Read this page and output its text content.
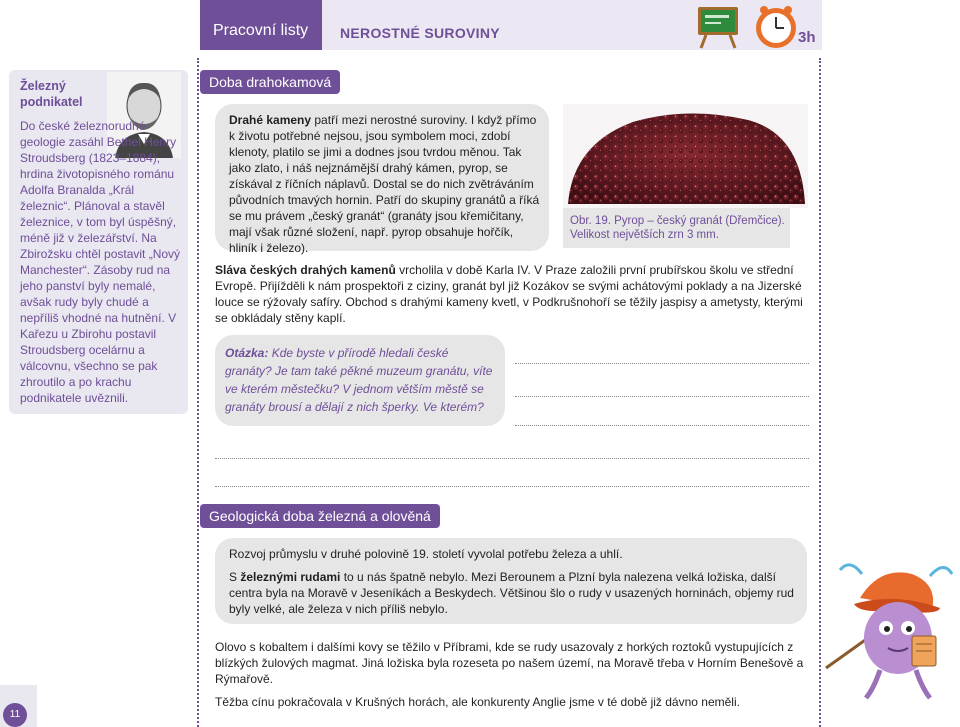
Pracovní listy NEROSTNÉ SUROVINY	3h
Železný podnikatel
Do české železnorudné geologie zasáhl Bethel Henry Stroudsberg (1823–1884), hrdina životopisného románu Adolfa Branalda „Král železnic“. Plánoval a stavěl železnice, v tom byl úspěšný, méně již v železářství. Na Zbirožsku chtěl postavit „Nový Manchester“. Zásoby rud na jeho panství byly nemalé, avšak rudy byly chudé a nepříliš vhodné na hutnění. V Kařezu u Zbirohu postavil Stroudsberg ocelárnu a válcovnu, všechno se pak zhroutilo a po krachu podnikatele uvěznili.
Doba drahokamová
Drahé kameny patří mezi nerostné suroviny. I když přímo k životu potřebné nejsou, jsou symbolem moci, zdobí klenoty, platilo se jimi a dodnes jsou tvrdou měnou. Tak jako zlato, i náš nejznámější drahý kámen, pyrop, se získával z říčních náplavů. Dostal se do nich zvětráváním původních tmavých hornin. Patří do skupiny granátů a říká se mu právem „český granát“ (granáty jsou křemičitany, mají však různé složení, např. pyrop obsahuje hořčík, hliník i železo).
Obr. 19. Pyrop – český granát (Dřemčice). Velikost největších zrn 3 mm.
Sláva českých drahých kamenů vrcholila v době Karla IV. V Praze založili první prubířskou školu ve střední Evropě. Přijížděli k nám prospektoři z ciziny, granát byl již Kozákov se svými achátovými poklady a na Jizerské louce se rýžovaly safíry. Obchod s drahými kameny kvetl, v Podkrušnohoří se těžily jaspisy a ametysty, kterými se obkládaly stěny kaplí.
Otázka: Kde byste v přírodě hledali české granáty? Je tam také pěkné muzeum granátu, víte ve kterém městečku? V jednom větším městě se granáty brousí a dělají z nich šperky. Ve kterém?
Geologická doba železná a olověná
Rozvoj průmyslu v druhé polovině 19. století vyvolal potřebu železa a uhlí.
S železnými rudami to u nás špatně nebylo. Mezi Berounem a Plzní byla nalezena velká ložiska, další centra byla na Moravě v Jeseníkách a Beskydech. Většinou šlo o rudy v usazených horninách, objemy rud byly velké, ale železa v nich příliš nebylo.
Olovo s kobaltem i dalšími kovy se těžilo v Příbrami, kde se rudy usazovaly z horkých roztoků vystupujících z blízkých žulových magmat. Jiná ložiska byla rozeseta po našem území, na Moravě třeba v Horním Benešově a Rýmařově.
Těžba cínu pokračovala v Krušných horách, ale konkurenty Anglie jsme v té době již dávno neměli.
11
